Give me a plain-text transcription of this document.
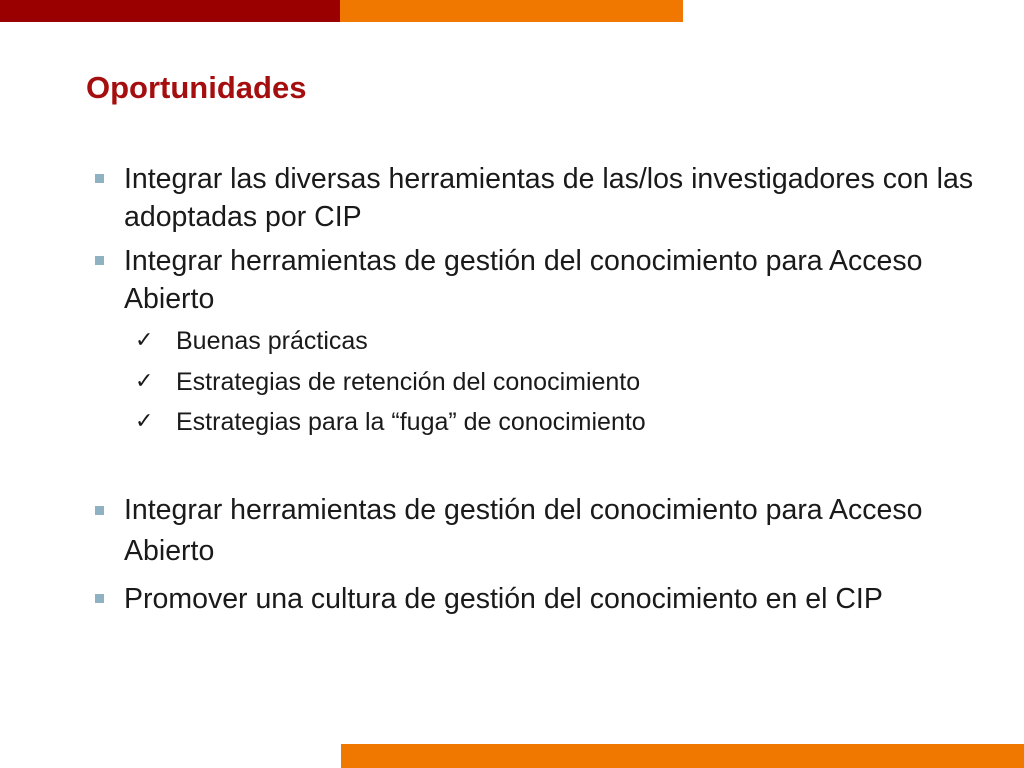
Oportunidades
Integrar las diversas herramientas de las/los investigadores con las adoptadas por CIP
Integrar herramientas de gestión del conocimiento para Acceso Abierto
✓ Buenas prácticas
✓ Estrategias de retención del conocimiento
✓ Estrategias para la “fuga” de conocimiento
Integrar herramientas de gestión del conocimiento para Acceso Abierto
Promover una cultura de gestión del conocimiento en el CIP
